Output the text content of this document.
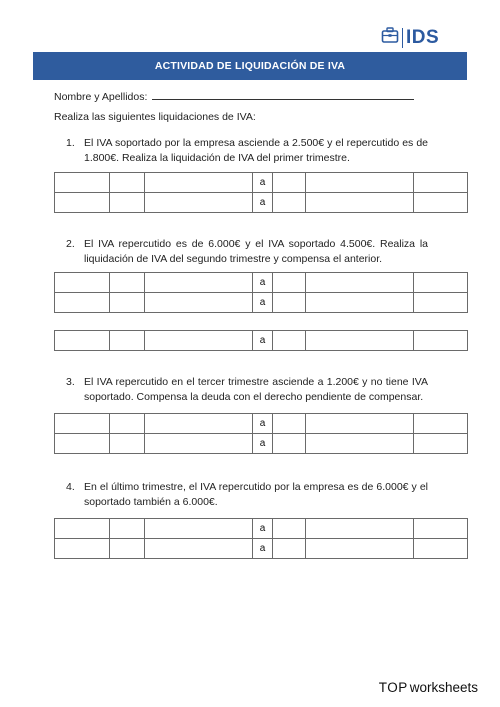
IDS
ACTIVIDAD DE LIQUIDACIÓN DE IVA
Nombre y Apellidos:
Realiza las siguientes liquidaciones de IVA:
1. El IVA soportado por la empresa asciende a 2.500€ y el repercutido es de 1.800€. Realiza la liquidación de IVA del primer trimestre.
			a			
			a			
2. El IVA repercutido es de 6.000€ y el IVA soportado 4.500€. Realiza la liquidación de IVA del segundo trimestre y compensa el anterior.
			a			
			a			
			a			
3. El IVA repercutido en el tercer trimestre asciende a 1.200€ y no tiene IVA soportado. Compensa la deuda con el derecho pendiente de compensar.
			a			
			a			
4. En el último trimestre, el IVA repercutido por la empresa es de 6.000€ y el soportado también a 6.000€.
			a			
			a			
TOP worksheets
